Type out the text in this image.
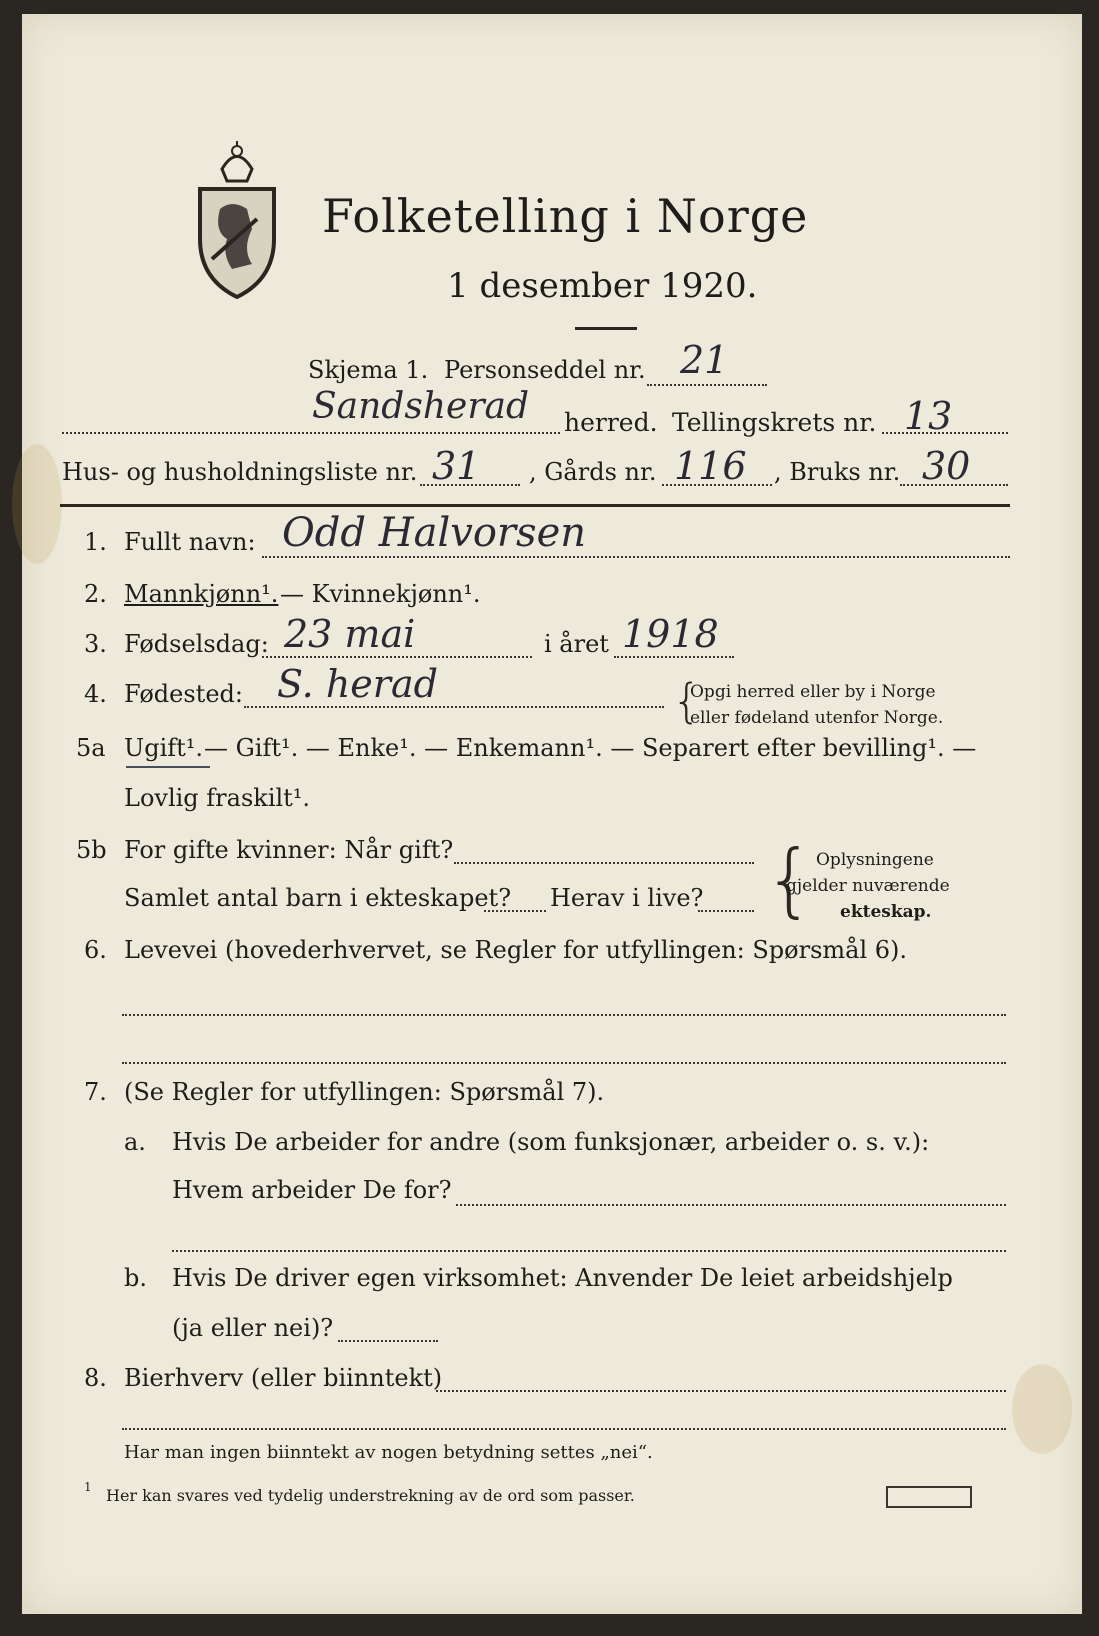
Folketelling i Norge
1 desember 1920.
Skjema 1. Personseddel nr. 21
Sandsherad herred. Tellingskrets nr. 13
Hus- og husholdningsliste nr. 31 , Gårds nr. 116 , Bruks nr. 30
1. Fullt navn: Odd Halvorsen
2. Mannkjønn¹. — Kvinnekjønn¹.
3. Fødselsdag: 23 mai	i året 1918
4. Fødested: S. herad	{
Opgi herred eller by i Norge
eller fødeland utenfor Norge.
5a Ugift¹. — Gift¹. — Enke¹. — Enkemann¹. — Separert efter bevilling¹. —
Lovlig fraskilt¹.
5b For gifte kvinner: Når gift?
Samlet antal barn i ekteskapet? Herav i live? { Oplysningene
gjelder nuværende
ekteskap.
6. Levevei (hovederhvervet, se Regler for utfyllingen: Spørsmål 6).
7. (Se Regler for utfyllingen: Spørsmål 7).
a. Hvis De arbeider for andre (som funksjonær, arbeider o. s. v.):
Hvem arbeider De for?
b. Hvis De driver egen virksomhet: Anvender De leiet arbeidshjelp
(ja eller nei)?
8. Bierhverv (eller biinntekt)
Har man ingen biinntekt av nogen betydning settes „nei“.
1 Her kan svares ved tydelig understrekning av de ord som passer.
